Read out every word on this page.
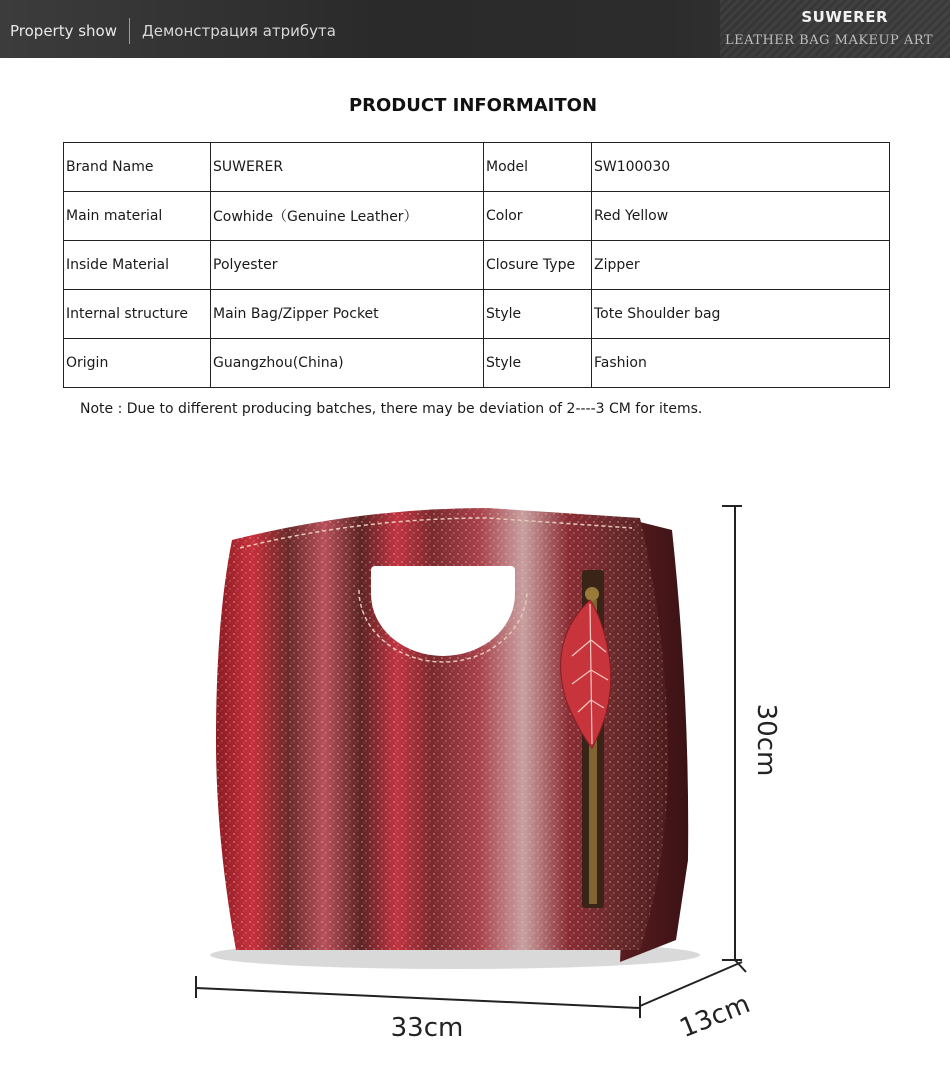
Property show Демонстрация атрибута
SUWERER
LEATHER BAG MAKEUP ART
PRODUCT INFORMAITON
Brand Name	SUWERER	Model	SW100030
Main material	Cowhide（Genuine Leather）	Color	Red Yellow
Inside Material	Polyester	Closure Type	Zipper
Internal structure	Main Bag/Zipper Pocket	Style	Tote Shoulder bag
Origin	Guangzhou(China)	Style	Fashion
Note : Due to different producing batches, there may be deviation of 2----3 CM for items.
30cm
33cm	13cm
